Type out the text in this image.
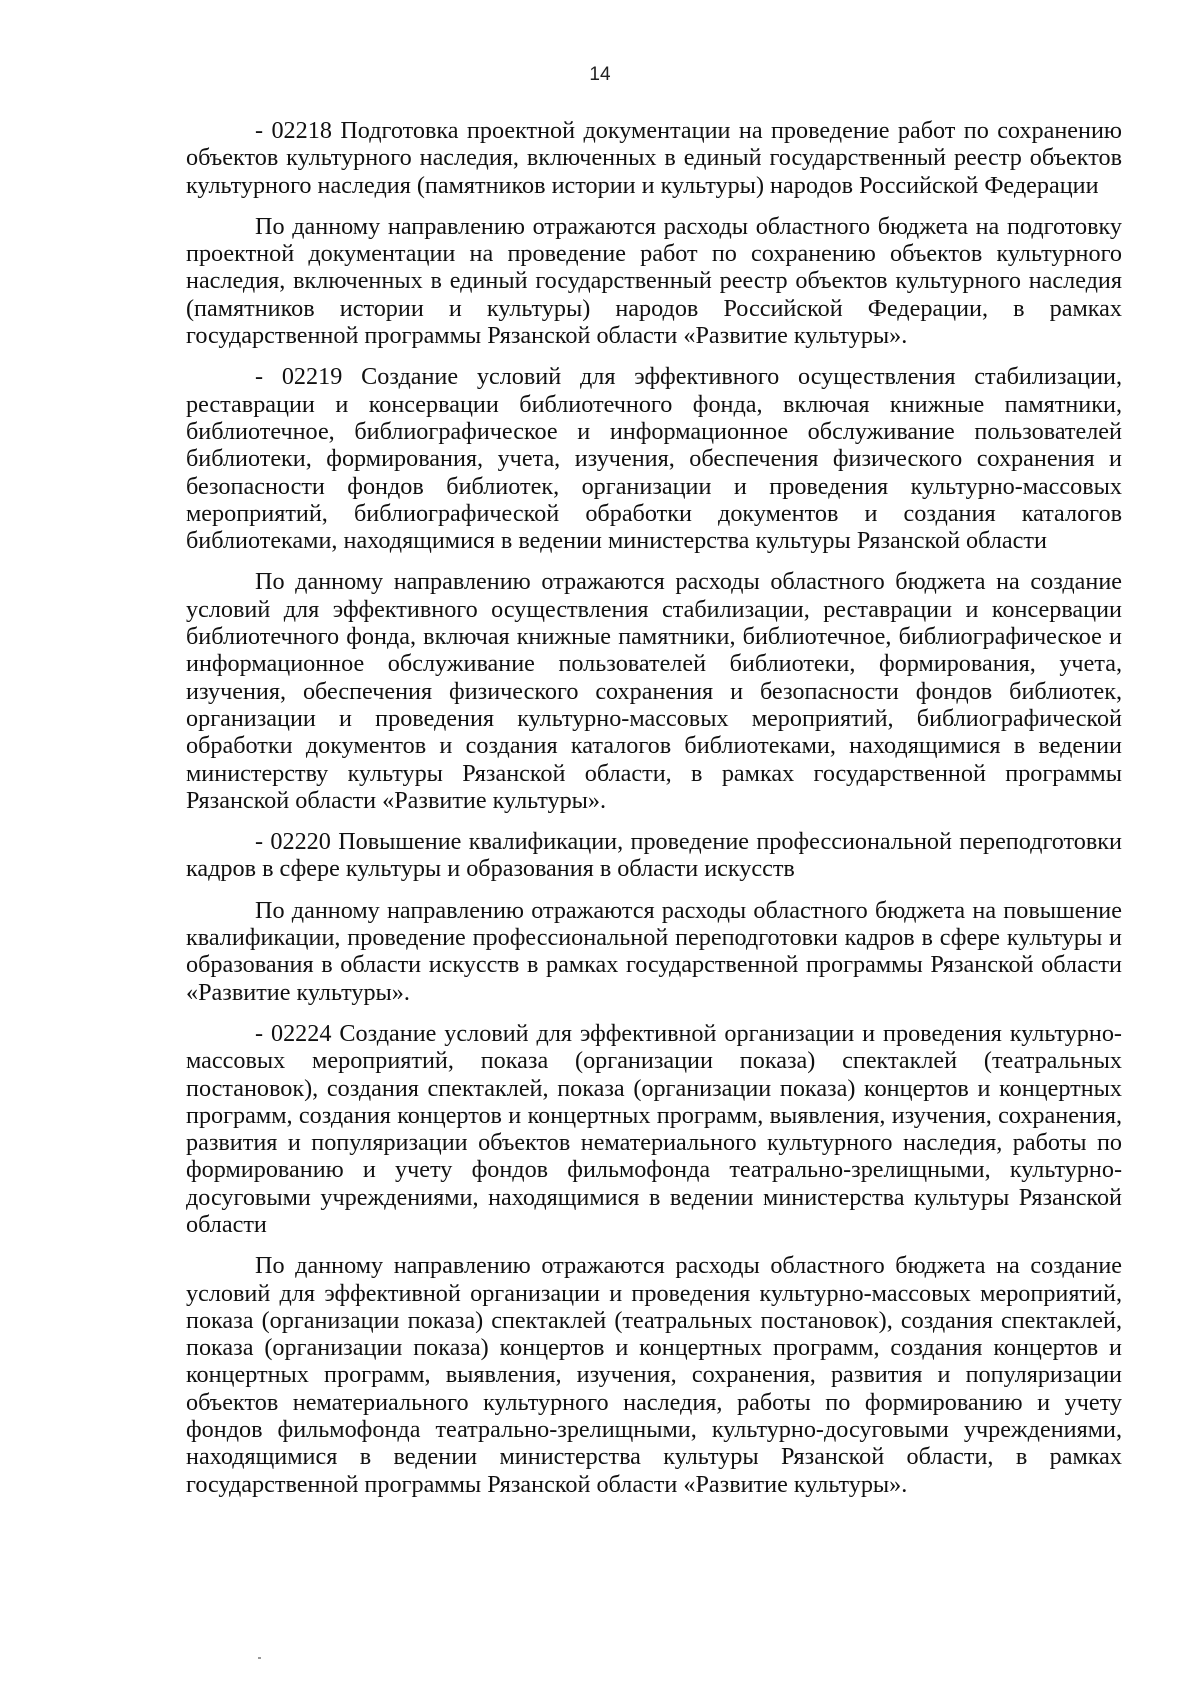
14

- 02218 Подготовка проектной документации на проведение работ по сохранению объектов культурного наследия, включенных в единый государственный реестр объектов культурного наследия (памятников истории и культуры) народов Российской Федерации

По данному направлению отражаются расходы областного бюджета на подготовку проектной документации на проведение работ по сохранению объектов культурного наследия, включенных в единый государственный реестр объектов культурного наследия (памятников истории и культуры) народов Российской Федерации, в рамках государственной программы Рязанской области «Развитие культуры».

- 02219 Создание условий для эффективного осуществления стабилизации, реставрации и консервации библиотечного фонда, включая книжные памятники, библиотечное, библиографическое и информационное обслуживание пользователей библиотеки, формирования, учета, изучения, обеспечения физического сохранения и безопасности фондов библиотек, организации и проведения культурно-массовых мероприятий, библиографической обработки документов и создания каталогов библиотеками, находящимися в ведении министерства культуры Рязанской области

По данному направлению отражаются расходы областного бюджета на создание условий для эффективного осуществления стабилизации, реставрации и консервации библиотечного фонда, включая книжные памятники, библиотечное, библиографическое и информационное обслуживание пользователей библиотеки, формирования, учета, изучения, обеспечения физического сохранения и безопасности фондов библиотек, организации и проведения культурно-массовых мероприятий, библиографической обработки документов и создания каталогов библиотеками, находящимися в ведении министерству культуры Рязанской области, в рамках государственной программы Рязанской области «Развитие культуры».

- 02220 Повышение квалификации, проведение профессиональной переподготовки кадров в сфере культуры и образования в области искусств

По данному направлению отражаются расходы областного бюджета на повышение квалификации, проведение профессиональной переподготовки кадров в сфере культуры и образования в области искусств в рамках государственной программы Рязанской области «Развитие культуры».

- 02224 Создание условий для эффективной организации и проведения культурно-массовых мероприятий, показа (организации показа) спектаклей (театральных постановок), создания спектаклей, показа (организации показа) концертов и концертных программ, создания концертов и концертных программ, выявления, изучения, сохранения, развития и популяризации объектов нематериального культурного наследия, работы по формированию и учету фондов фильмофонда театрально-зрелищными, культурно-досуговыми учреждениями, находящимися в ведении министерства культуры Рязанской области

По данному направлению отражаются расходы областного бюджета на создание условий для эффективной организации и проведения культурно-массовых мероприятий, показа (организации показа) спектаклей (театральных постановок), создания спектаклей, показа (организации показа) концертов и концертных программ, создания концертов и концертных программ, выявления, изучения, сохранения, развития и популяризации объектов нематериального культурного наследия, работы по формированию и учету фондов фильмофонда театрально-зрелищными, культурно-досуговыми учреждениями, находящимися в ведении министерства культуры Рязанской области, в рамках государственной программы Рязанской области «Развитие культуры».
